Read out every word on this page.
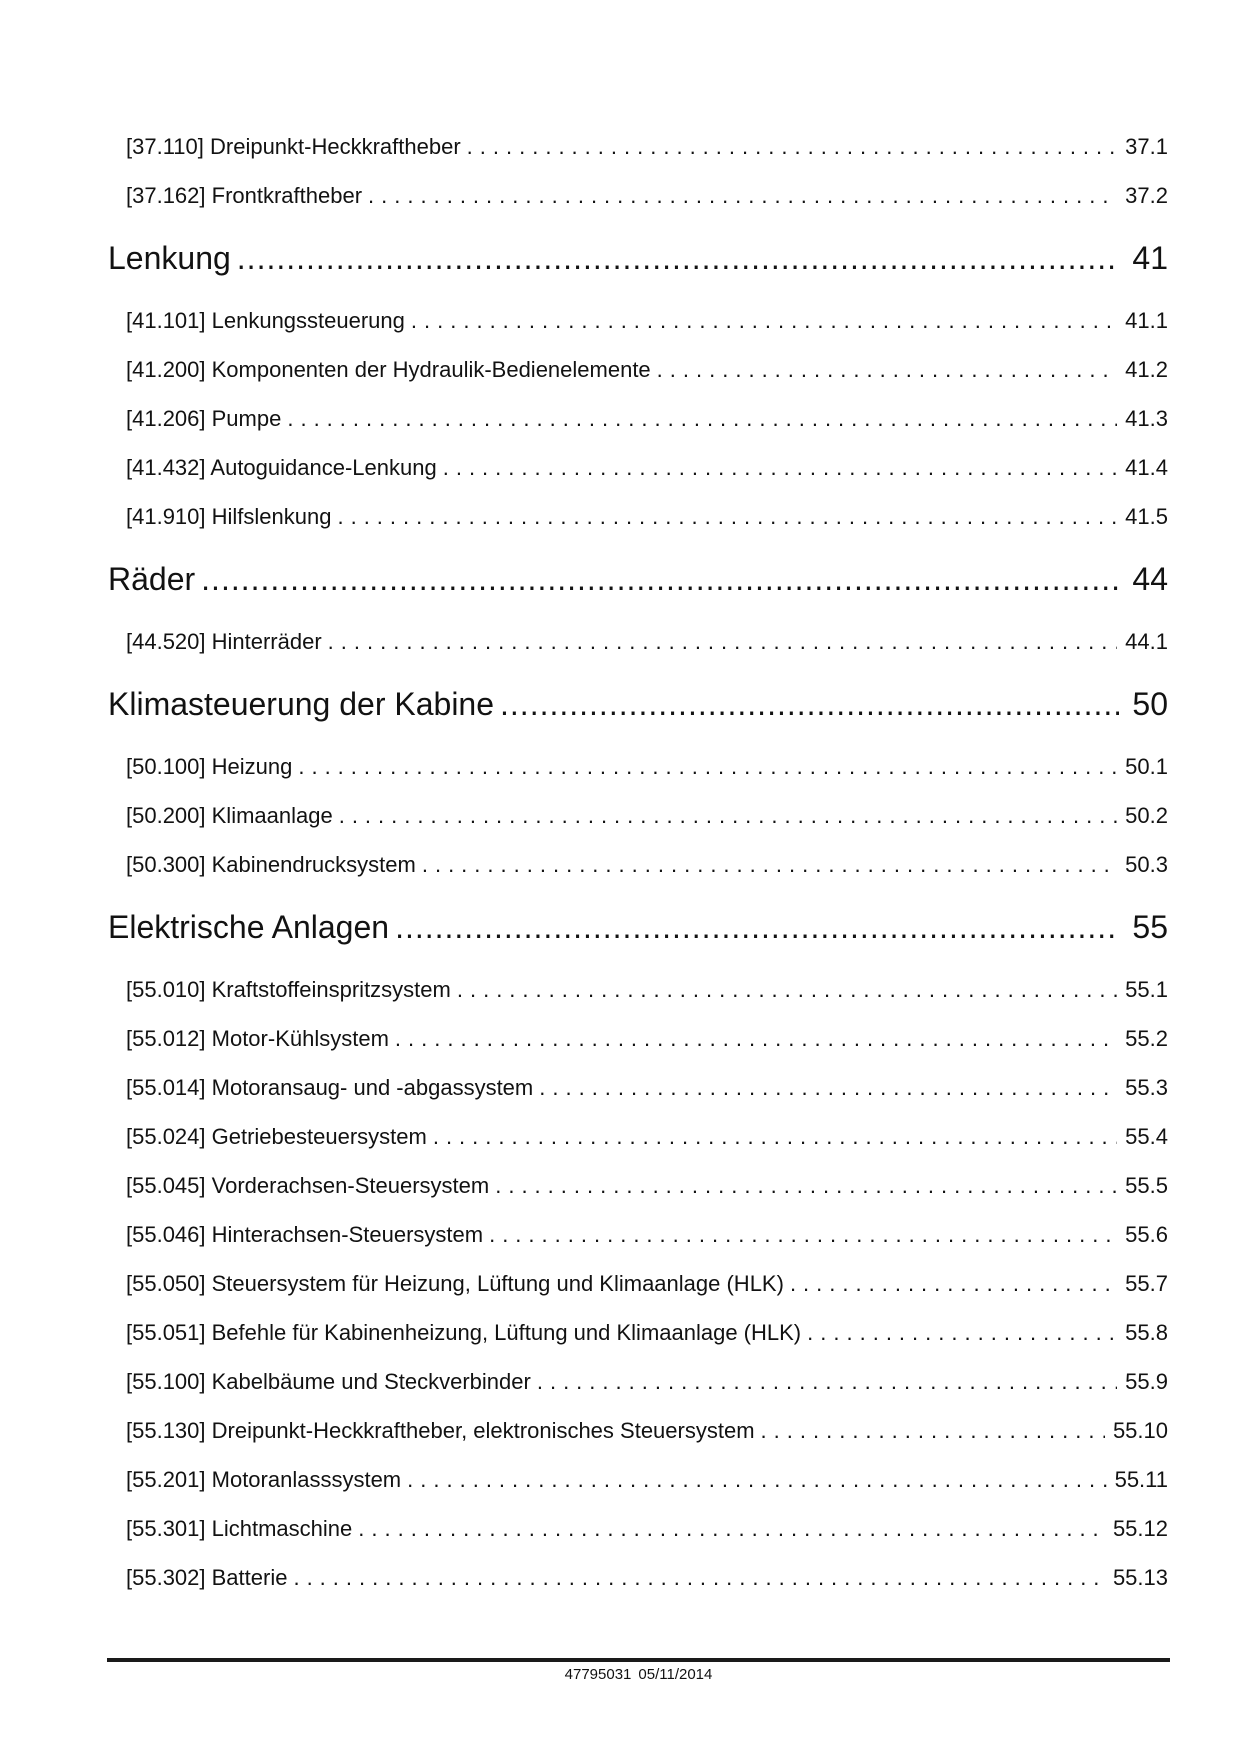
[37.110] Dreipunkt-Heckkraftheber .....	37.1
[37.162] Frontkraftheber .....	37.2
Lenkung .....	41
[41.101] Lenkungssteuerung .....	41.1
[41.200] Komponenten der Hydraulik-Bedienelemente .....	41.2
[41.206] Pumpe .....	41.3
[41.432] Autoguidance-Lenkung .....	41.4
[41.910] Hilfslenkung .....	41.5
Räder .....	44
[44.520] Hinterräder .....	44.1
Klimasteuerung der Kabine .....	50
[50.100] Heizung .....	50.1
[50.200] Klimaanlage .....	50.2
[50.300] Kabinendrucksystem .....	50.3
Elektrische Anlagen .....	55
[55.010] Kraftstoffeinspritzsystem .....	55.1
[55.012] Motor-Kühlsystem .....	55.2
[55.014] Motoransaug- und -abgassystem .....	55.3
[55.024] Getriebesteuersystem .....	55.4
[55.045] Vorderachsen-Steuersystem .....	55.5
[55.046] Hinterachsen-Steuersystem .....	55.6
[55.050] Steuersystem für Heizung, Lüftung und Klimaanlage (HLK) .....	55.7
[55.051] Befehle für Kabinenheizung, Lüftung und Klimaanlage (HLK) .....	55.8
[55.100] Kabelbäume und Steckverbinder .....	55.9
[55.130] Dreipunkt-Heckkraftheber, elektronisches Steuersystem .....	55.10
[55.201] Motoranlasssystem .....	55.11
[55.301] Lichtmaschine .....	55.12
[55.302] Batterie .....	55.13
47795031 05/11/2014
